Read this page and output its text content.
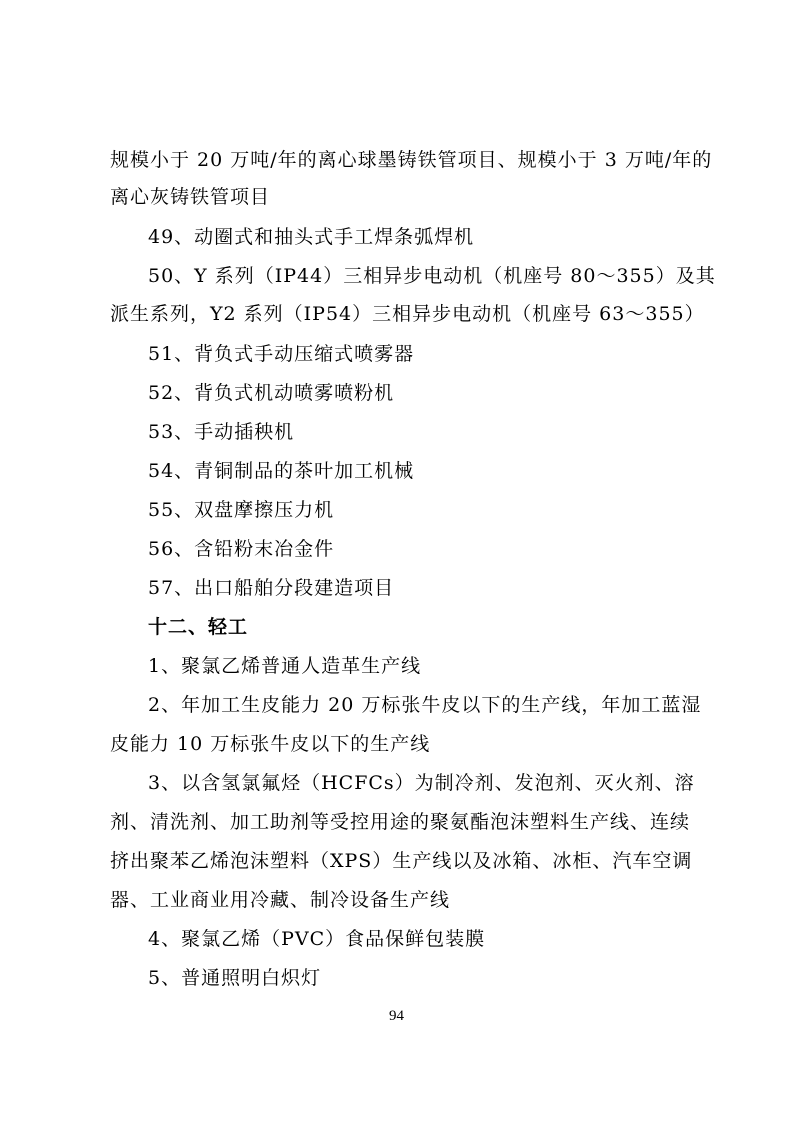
规模小于 20 万吨/年的离心球墨铸铁管项目、规模小于 3 万吨/年的
离心灰铸铁管项目
49、动圈式和抽头式手工焊条弧焊机
50、Y 系列（IP44）三相异步电动机（机座号 80～355）及其
派生系列，Y2 系列（IP54）三相异步电动机（机座号 63～355）
51、背负式手动压缩式喷雾器
52、背负式机动喷雾喷粉机
53、手动插秧机
54、青铜制品的茶叶加工机械
55、双盘摩擦压力机
56、含铅粉末冶金件
57、出口船舶分段建造项目
十二、轻工
1、聚氯乙烯普通人造革生产线
2、年加工生皮能力 20 万标张牛皮以下的生产线，年加工蓝湿
皮能力 10 万标张牛皮以下的生产线
3、以含氢氯氟烃（HCFCs）为制冷剂、发泡剂、灭火剂、溶
剂、清洗剂、加工助剂等受控用途的聚氨酯泡沫塑料生产线、连续
挤出聚苯乙烯泡沫塑料（XPS）生产线以及冰箱、冰柜、汽车空调
器、工业商业用冷藏、制冷设备生产线
4、聚氯乙烯（PVC）食品保鲜包装膜
5、普通照明白炽灯
94
